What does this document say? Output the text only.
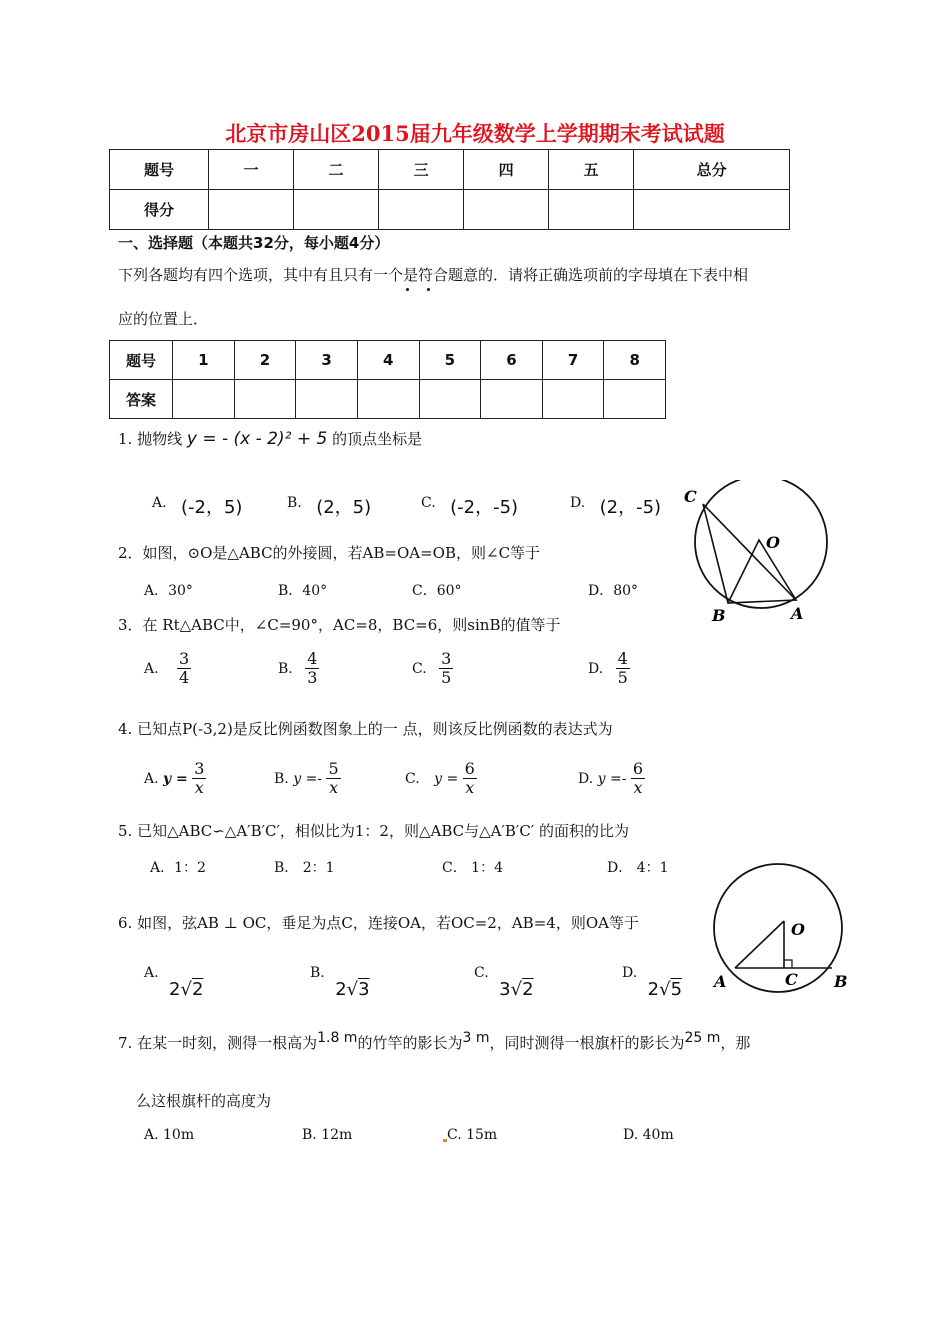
北京市房山区2015届九年级数学上学期期末考试试题
题号	一	二	三	四	五	总分
得分						
一、选择题（本题共32分，每小题4分）
下列各题均有四个选项，其中有且只有一个是符合题意的．请将正确选项前的字母填在下表中相
应的位置上．
题号	1	2	3	4	5	6	7	8
答案								
1. 抛物线 y = - (x - 2)² + 5 的顶点坐标是
A. (-2，5)	B. (2，5)	C. (-2，-5)	D. (2，-5)
2．如图，⊙O是△ABC的外接圆，若AB=OA=OB，则∠C等于
A．30°	B．40°	C．60°	D．80°
C
O
B	A
3．在 Rt△ABC中，∠C=90°，AC=8，BC=6，则sinB的值等于
A. $\frac{3}{4}$	B. $\frac{4}{3}$	C. $\frac{3}{5}$	D. $\frac{4}{5}$
4. 已知点P(-3,2)是反比例函数图象上的一 点，则该反比例函数的表达式为
A. $y = \frac{3}{x}$	B. $y =- \frac{5}{x}$	C. $y = \frac{6}{x}$	D. $y =- \frac{6}{x}$
5. 已知△ABC∽△A′B′C′，相似比为1：2，则△ABC与△A′B′C′ 的面积的比为
A．1：2	B． 2：1	C． 1：4	D． 4：1
O
A	C B
6. 如图，弦AB ⊥ OC，垂足为点C，连接OA，若OC=2，AB=4，则OA等于
A. 2√2
B. 2√3
C. 3√2
D. 2√5
7. 在某一时刻，测得一根高为$^{1.8 m}$的竹竿的影长为$^{3 m}$，同时测得一根旗杆的影长为$^{25 m}$，那
么这根旗杆的高度为
A. 10m	B. 12m	C. 15m	D. 40m
